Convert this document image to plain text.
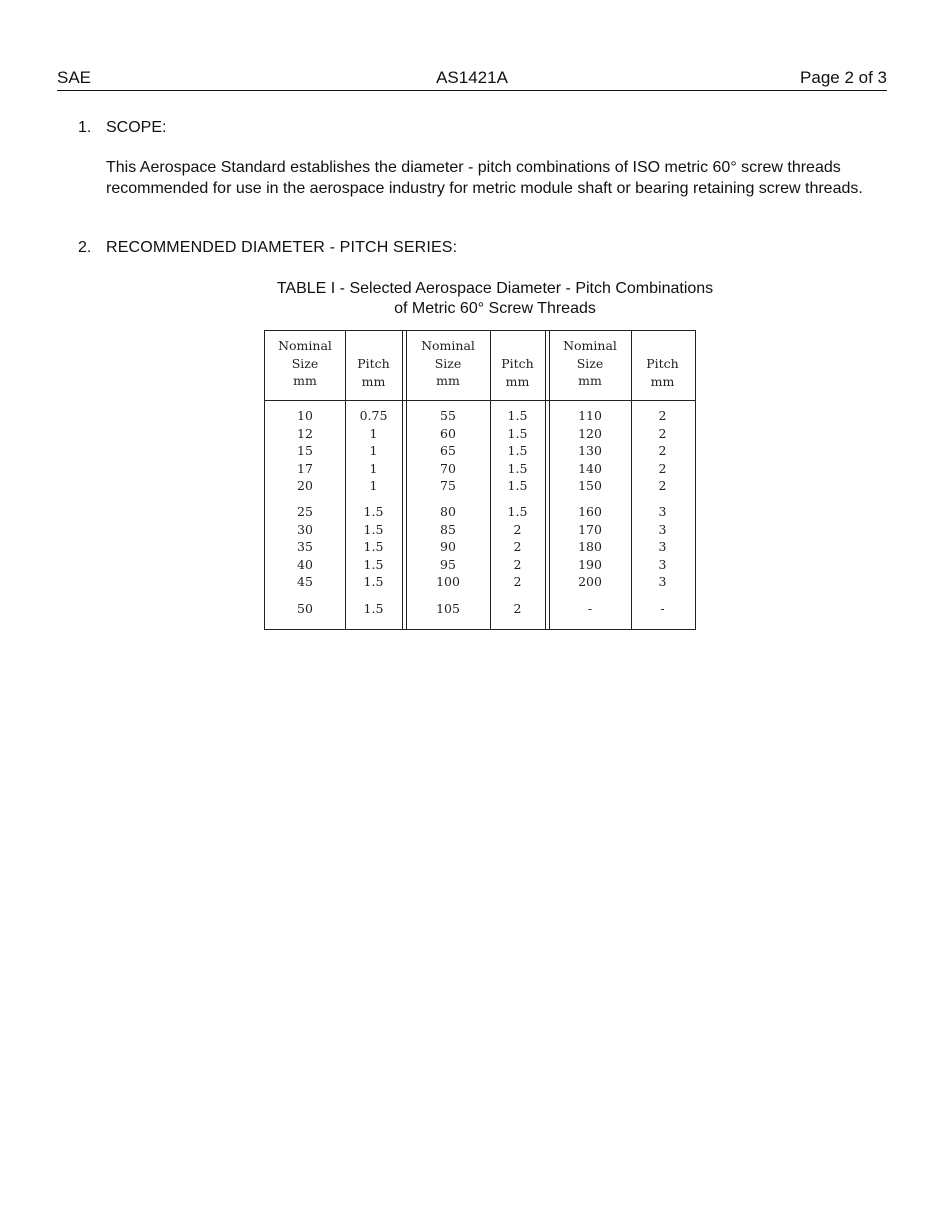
SAE	AS1421A	Page 2 of 3
1. SCOPE:
This Aerospace Standard establishes the diameter - pitch combinations of ISO metric 60° screw threads recommended for use in the aerospace industry for metric module shaft or bearing retaining screw threads.
2. RECOMMENDED DIAMETER - PITCH SERIES:
TABLE I - Selected Aerospace Diameter - Pitch Combinations
of Metric 60° Screw Threads
Nominal
Size
mm
10
12
15
17
20
25
30
35
40
45
50
Pitch
mm
0.75
1
1
1
1
1.5
1.5
1.5
1.5
1.5
1.5
Nominal
Size
mm
55
60
65
70
75
80
85
90
95
100
105
Pitch
mm
1.5
1.5
1.5
1.5
1.5
1.5
2
2
2
2
2
Nominal
Size
mm
110
120
130
140
150
160
170
180
190
200
-
Pitch
mm
2
2
2
2
2
3
3
3
3
3
-
